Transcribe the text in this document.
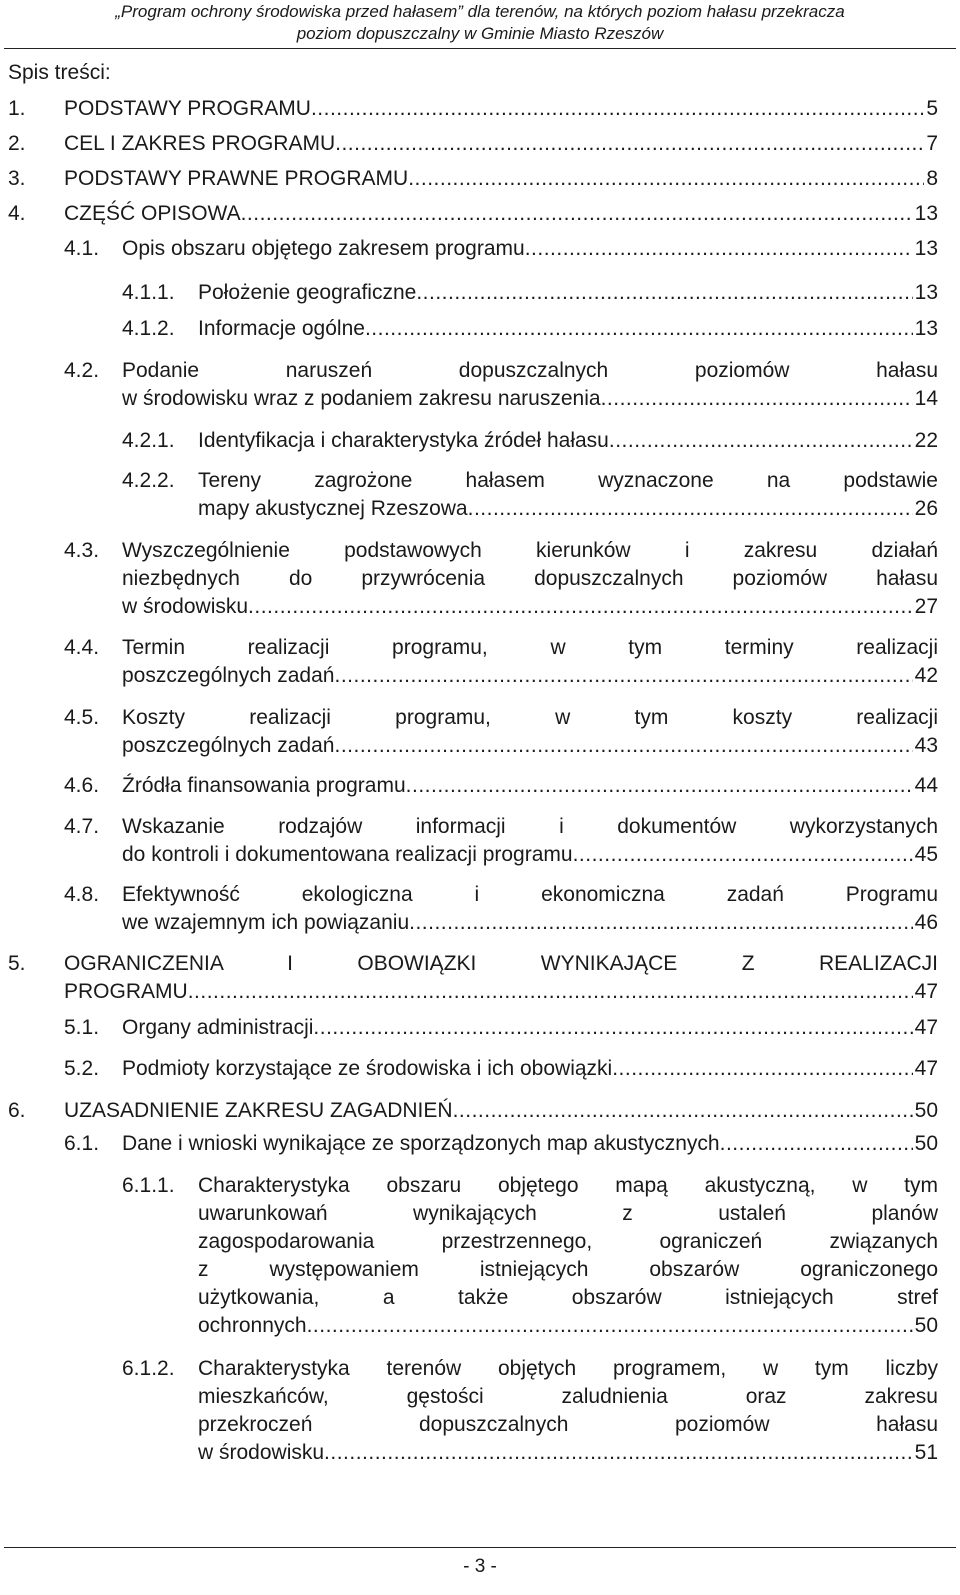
„Program ochrony środowiska przed hałasem” dla terenów, na których poziom hałasu przekracza
poziom dopuszczalny w Gminie Miasto Rzeszów
Spis treści:
1. PODSTAWY PROGRAMU .....	5
2. CEL I ZAKRES PROGRAMU .....	7
3. PODSTAWY PRAWNE PROGRAMU .....	8
4. CZĘŚĆ OPISOWA .....	13
4.1. Opis obszaru objętego zakresem programu .....	13
4.1.1. Położenie geograficzne .....	13
4.1.2. Informacje ogólne .....	13
4.2. Podanie naruszeń dopuszczalnych poziomów hałasu
w środowisku wraz z podaniem zakresu naruszenia .....	14
4.2.1. Identyfikacja i charakterystyka źródeł hałasu .....	22
4.2.2. Tereny zagrożone hałasem wyznaczone na podstawie
mapy akustycznej Rzeszowa .....	26
4.3. Wyszczególnienie podstawowych kierunków i zakresu działań
niezbędnych do przywrócenia dopuszczalnych poziomów hałasu
w środowisku .....	27
4.4. Termin realizacji programu, w tym terminy realizacji
poszczególnych zadań .....	42
4.5. Koszty realizacji programu, w tym koszty realizacji
poszczególnych zadań .....	43
4.6. Źródła finansowania programu .....	44
4.7. Wskazanie rodzajów informacji i dokumentów wykorzystanych
do kontroli i dokumentowana realizacji programu .....	45
4.8. Efektywność ekologiczna i ekonomiczna zadań Programu
we wzajemnym ich powiązaniu .....	46
5. OGRANICZENIA I OBOWIĄZKI WYNIKAJĄCE Z REALIZACJI
PROGRAMU .....	47
5.1. Organy administracji .....	47
5.2. Podmioty korzystające ze środowiska i ich obowiązki .....	47
6. UZASADNIENIE ZAKRESU ZAGADNIEŃ .....	50
6.1. Dane i wnioski wynikające ze sporządzonych map akustycznych .....	50
6.1.1. Charakterystyka obszaru objętego mapą akustyczną, w tym
uwarunkowań wynikających z ustaleń planów
zagospodarowania przestrzennego, ograniczeń związanych
z występowaniem istniejących obszarów ograniczonego
użytkowania, a także obszarów istniejących stref
ochronnych .....	50
6.1.2. Charakterystyka terenów objętych programem, w tym liczby
mieszkańców, gęstości zaludnienia oraz zakresu
przekroczeń dopuszczalnych poziomów hałasu
w środowisku .....	51
- 3 -
